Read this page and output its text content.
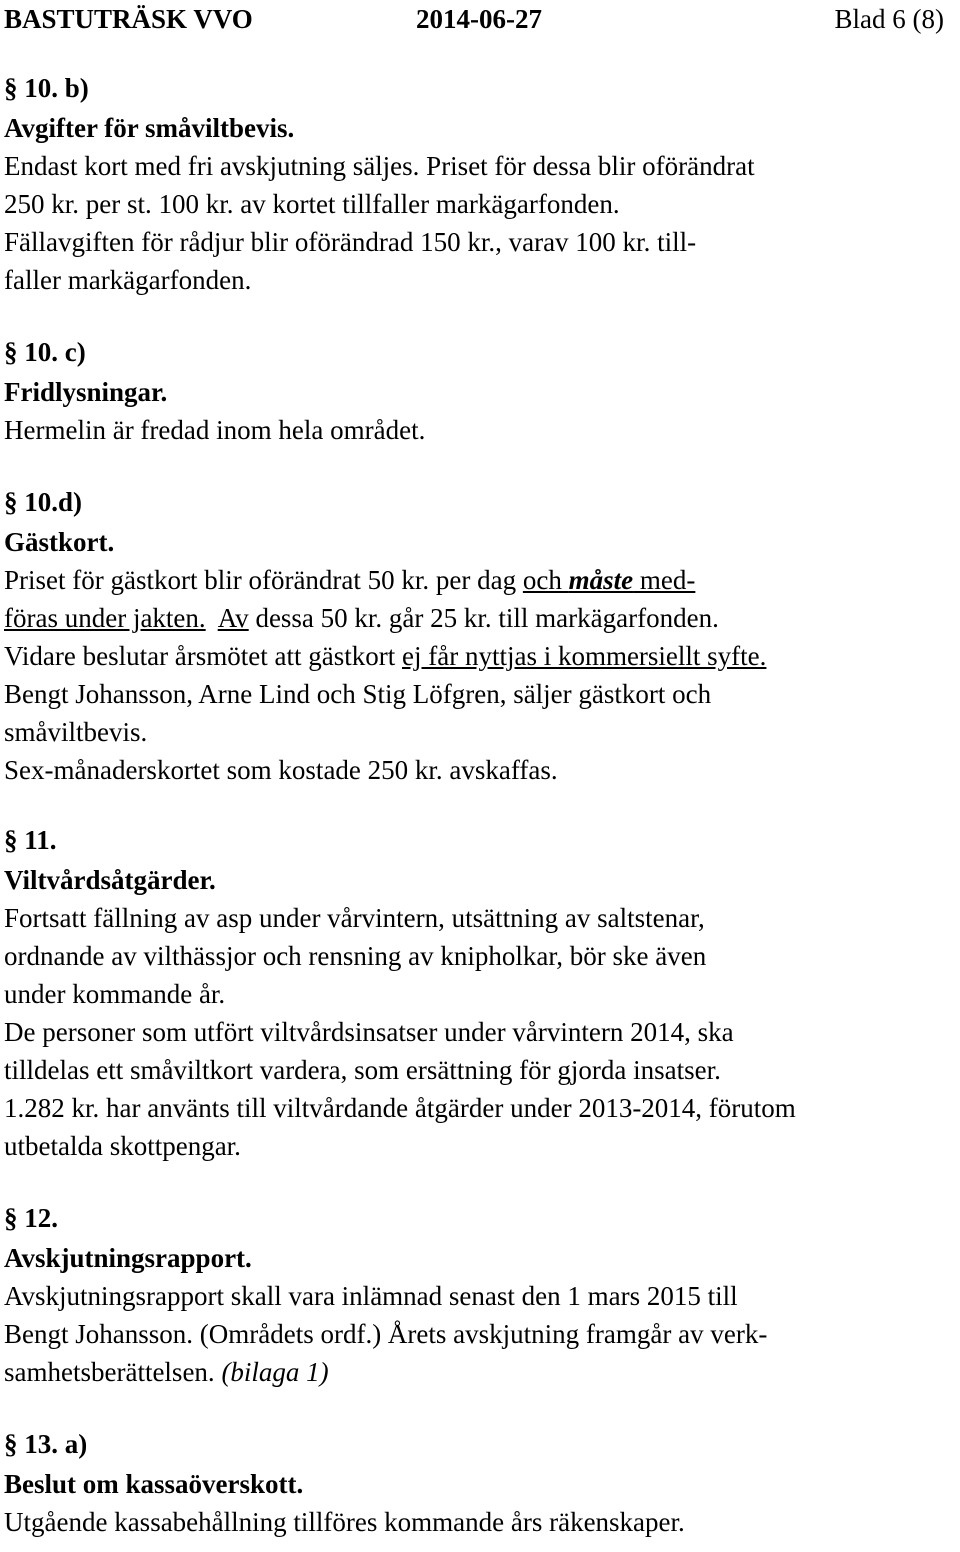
BASTUTRÄSK VVO	2014-06-27	Blad 6 (8)
§ 10. b)
Avgifter för småviltbevis.
Endast kort med fri avskjutning säljes. Priset för dessa blir oförändrat
250 kr. per st. 100 kr. av kortet tillfaller markägarfonden.
Fällavgiften för rådjur blir oförändrad 150 kr., varav 100 kr. till-
faller markägarfonden.
§ 10. c)
Fridlysningar.
Hermelin är fredad inom hela området.
§ 10.d)
Gästkort.
Priset för gästkort blir oförändrat 50 kr. per dag och måste med-
föras under jakten. Av dessa 50 kr. går 25 kr. till markägarfonden.
Vidare beslutar årsmötet att gästkort ej får nyttjas i kommersiellt syfte.
Bengt Johansson, Arne Lind och Stig Löfgren, säljer gästkort och
småviltbevis.
Sex-månaderskortet som kostade 250 kr. avskaffas.
§ 11.
Viltvårdsåtgärder.
Fortsatt fällning av asp under vårvintern, utsättning av saltstenar,
ordnande av vilthässjor och rensning av knipholkar, bör ske även
under kommande år.
De personer som utfört viltvårdsinsatser under vårvintern 2014, ska
tilldelas ett småviltkort vardera, som ersättning för gjorda insatser.
1.282 kr. har använts till viltvårdande åtgärder under 2013-2014, förutom
utbetalda skottpengar.
§ 12.
Avskjutningsrapport.
Avskjutningsrapport skall vara inlämnad senast den 1 mars 2015 till
Bengt Johansson. (Områdets ordf.) Årets avskjutning framgår av verk-
samhetsberättelsen. (bilaga 1)
§ 13. a)
Beslut om kassaöverskott.
Utgående kassabehållning tillföres kommande års räkenskaper.
